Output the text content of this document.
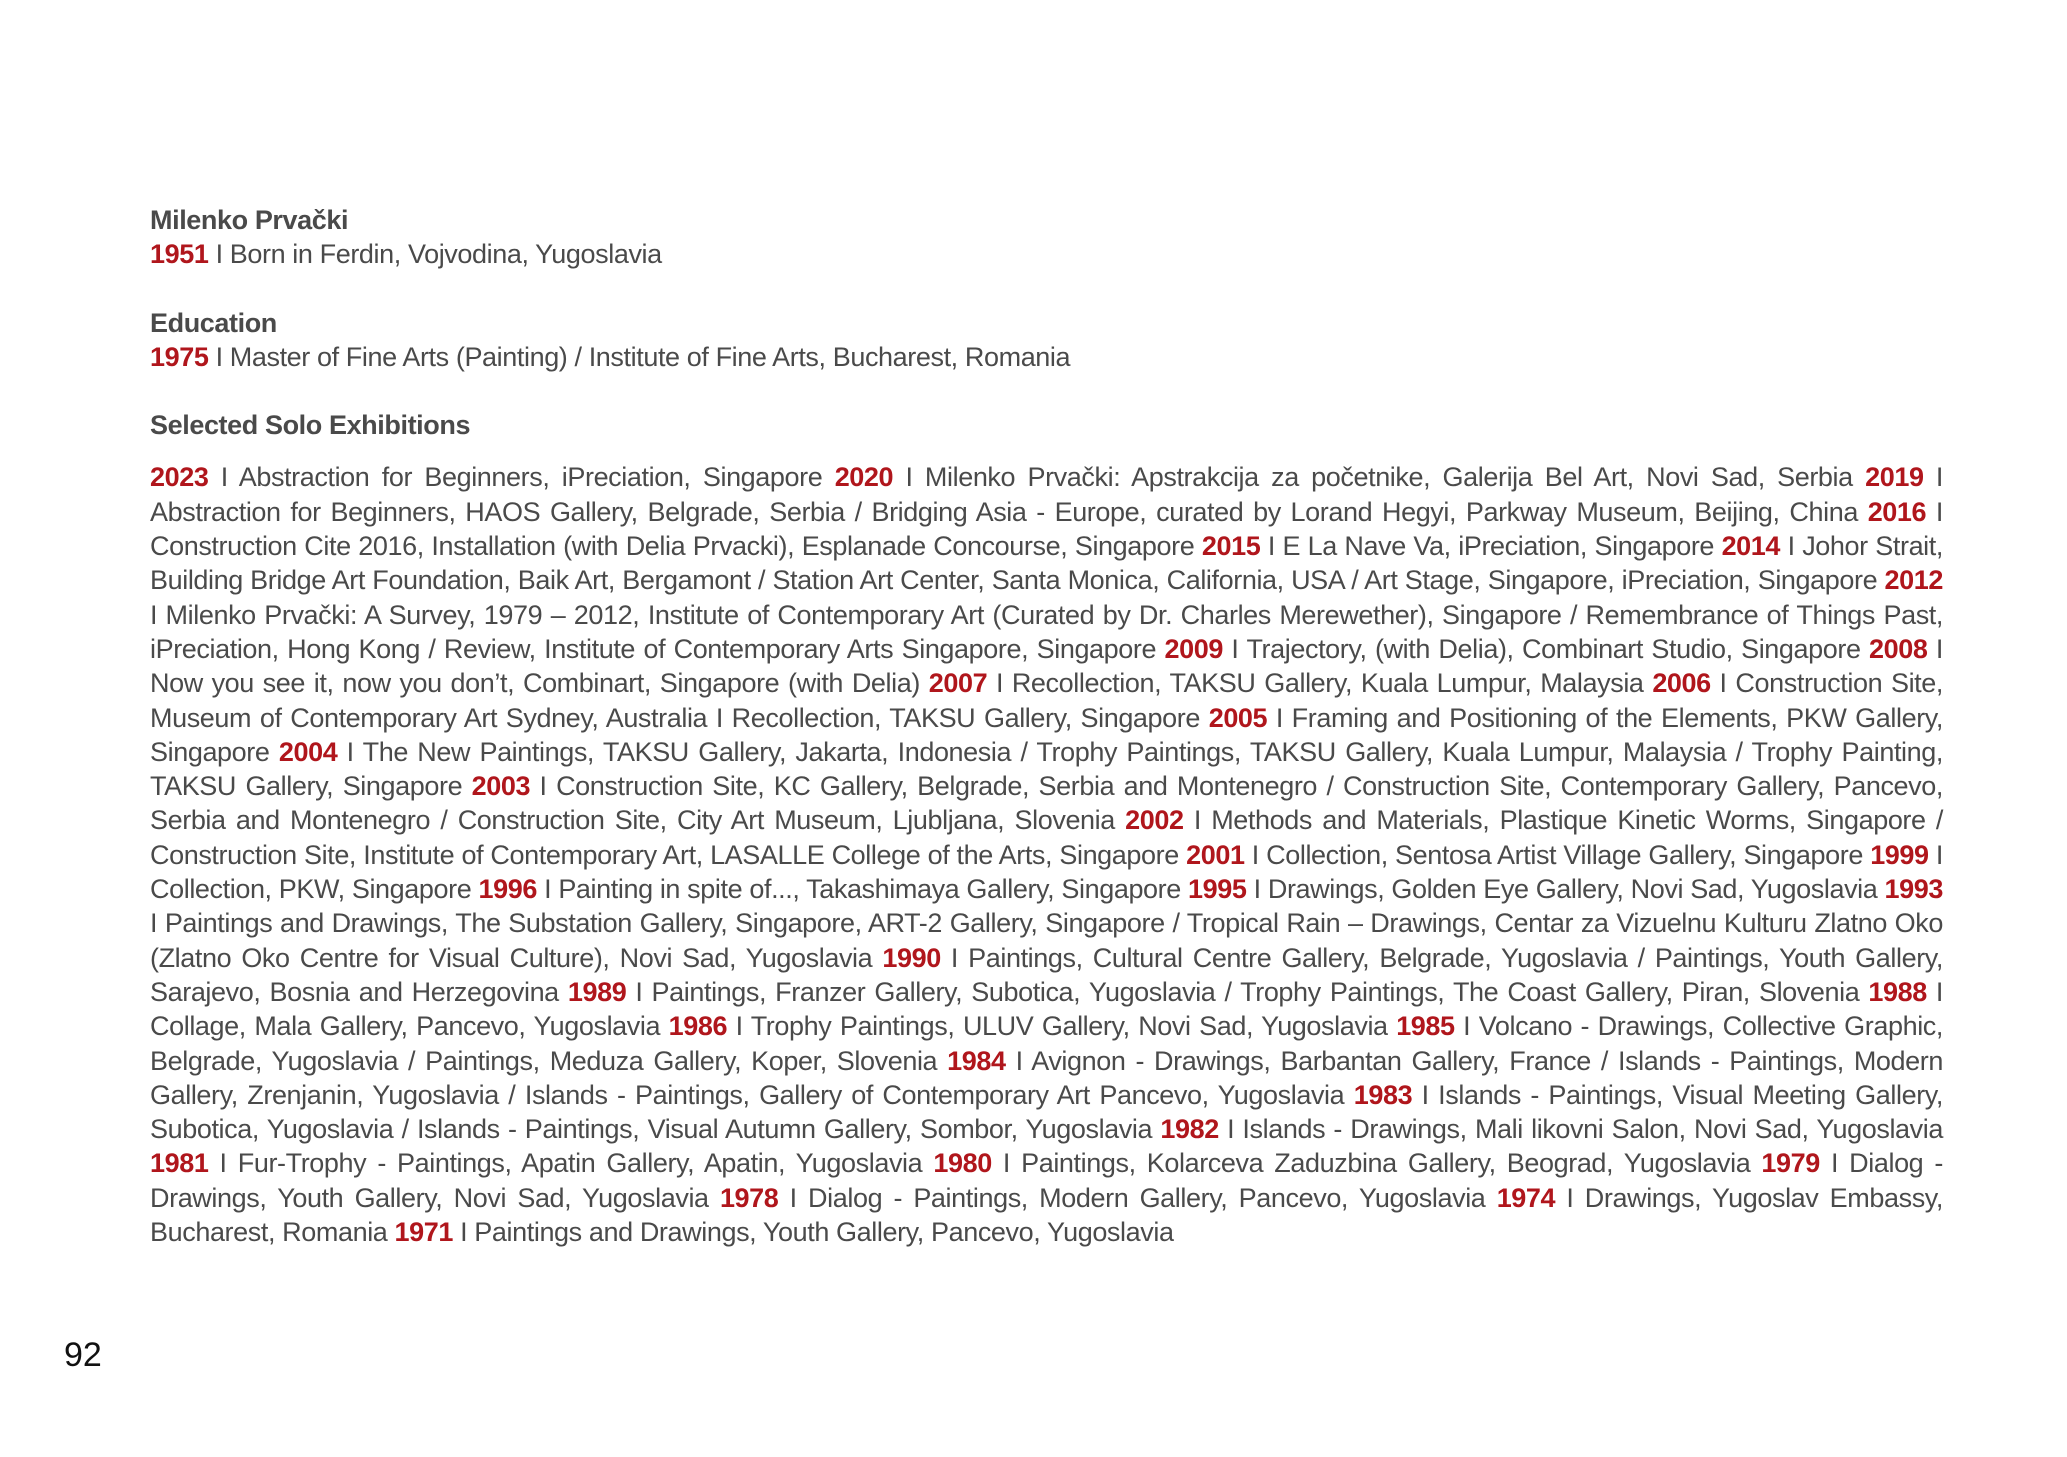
Milenko Prvački
1951 I Born in Ferdin, Vojvodina, Yugoslavia
Education
1975 I Master of Fine Arts (Painting) / Institute of Fine Arts, Bucharest, Romania
Selected Solo Exhibitions
2023 I Abstraction for Beginners, iPreciation, Singapore 2020 I Milenko Prvački: Apstrakcija za početnike, Galerija Bel Art, Novi Sad, Serbia 2019 I Abstraction for Beginners, HAOS Gallery, Belgrade, Serbia / Bridging Asia - Europe, curated by Lorand Hegyi, Parkway Museum, Beijing, China 2016 I Construction Cite 2016, Installation (with Delia Prvacki), Esplanade Concourse, Singapore 2015 I E La Nave Va, iPreciation, Singapore 2014 I Johor Strait, Building Bridge Art Foundation, Baik Art, Bergamont / Station Art Center, Santa Monica, California, USA / Art Stage, Singapore, iPreciation, Singapore 2012 I Milenko Prvački: A Survey, 1979 – 2012, Institute of Contemporary Art (Curated by Dr. Charles Merewether), Singapore / Remembrance of Things Past, iPreciation, Hong Kong / Review, Institute of Contemporary Arts Singapore, Singapore 2009 I Trajectory, (with Delia), Combinart Studio, Singapore 2008 I Now you see it, now you don’t, Combinart, Singapore (with Delia) 2007 I Recollection, TAKSU Gallery, Kuala Lumpur, Malaysia 2006 I Construction Site, Museum of Contemporary Art Sydney, Australia I Recollection, TAKSU Gallery, Singapore 2005 I Framing and Positioning of the Elements, PKW Gallery, Singapore 2004 I The New Paintings, TAKSU Gallery, Jakarta, Indonesia / Trophy Paintings, TAKSU Gallery, Kuala Lumpur, Malaysia / Trophy Painting, TAKSU Gallery, Singapore 2003 I Construction Site, KC Gallery, Belgrade, Serbia and Montenegro / Construction Site, Contemporary Gallery, Pancevo, Serbia and Montenegro / Construction Site, City Art Museum, Ljubljana, Slovenia 2002 I Methods and Materials, Plastique Kinetic Worms, Singapore / Construction Site, Institute of Contemporary Art, LASALLE College of the Arts, Singapore 2001 I Collection, Sentosa Artist Village Gallery, Singapore 1999 I Collection, PKW, Singapore 1996 I Painting in spite of..., Takashimaya Gallery, Singapore 1995 I Drawings, Golden Eye Gallery, Novi Sad, Yugoslavia 1993 I Paintings and Drawings, The Substation Gallery, Singapore, ART-2 Gallery, Singapore / Tropical Rain – Drawings, Centar za Vizuelnu Kulturu Zlatno Oko (Zlatno Oko Centre for Visual Culture), Novi Sad, Yugoslavia 1990 I Paintings, Cultural Centre Gallery, Belgrade, Yugoslavia / Paintings, Youth Gallery, Sarajevo, Bosnia and Herzegovina 1989 I Paintings, Franzer Gallery, Subotica, Yugoslavia / Trophy Paintings, The Coast Gallery, Piran, Slovenia 1988 I Collage, Mala Gallery, Pancevo, Yugoslavia 1986 I Trophy Paintings, ULUV Gallery, Novi Sad, Yugoslavia 1985 I Volcano - Drawings, Collective Graphic, Belgrade, Yugoslavia / Paintings, Meduza Gallery, Koper, Slovenia 1984 I Avignon - Drawings, Barbantan Gallery, France / Islands - Paintings, Modern Gallery, Zrenjanin, Yugoslavia / Islands - Paintings, Gallery of Contemporary Art Pancevo, Yugoslavia 1983 I Islands - Paintings, Visual Meeting Gallery, Subotica, Yugoslavia / Islands - Paintings, Visual Autumn Gallery, Sombor, Yugoslavia 1982 I Islands - Drawings, Mali likovni Salon, Novi Sad, Yugoslavia 1981 I Fur-Trophy - Paintings, Apatin Gallery, Apatin, Yugoslavia 1980 I Paintings, Kolarceva Zaduzbina Gallery, Beograd, Yugoslavia 1979 I Dialog - Drawings, Youth Gallery, Novi Sad, Yugoslavia 1978 I Dialog - Paintings, Modern Gallery, Pancevo, Yugoslavia 1974 I Drawings, Yugoslav Embassy, Bucharest, Romania 1971 I Paintings and Drawings, Youth Gallery, Pancevo, Yugoslavia
92
